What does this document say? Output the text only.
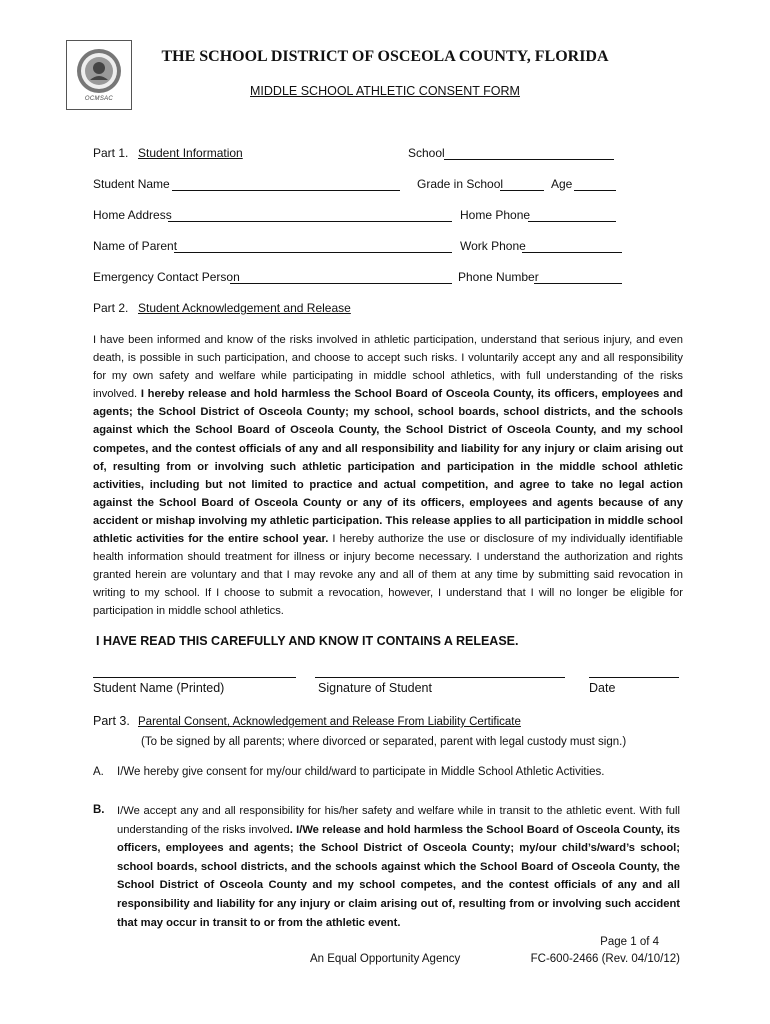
OCMSAC
THE SCHOOL DISTRICT OF OSCEOLA COUNTY, FLORIDA
MIDDLE SCHOOL ATHLETIC CONSENT FORM
Part 1. Student Information	School
Student Name	Grade in School	Age
Home Address	Home Phone
Name of Parent	Work Phone
Emergency Contact Person	Phone Number
Part 2. Student Acknowledgement and Release
I have been informed and know of the risks involved in athletic participation, understand that serious injury, and even death, is possible in such participation, and choose to accept such risks. I voluntarily accept any and all responsibility for my own safety and welfare while participating in middle school athletics, with full understanding of the risks involved. I hereby release and hold harmless the School Board of Osceola County, its officers, employees and agents; the School District of Osceola County; my school, school boards, school districts, and the schools against which the School Board of Osceola County, the School District of Osceola County, and my school competes, and the contest officials of any and all responsibility and liability for any injury or claim arising out of, resulting from or involving such athletic participation and participation in the middle school athletic activities, including but not limited to practice and actual competition, and agree to take no legal action against the School Board of Osceola County or any of its officers, employees and agents because of any accident or mishap involving my athletic participation. This release applies to all participation in middle school athletic activities for the entire school year. I hereby authorize the use or disclosure of my individually identifiable health information should treatment for illness or injury become necessary. I understand the authorization and rights granted herein are voluntary and that I may revoke any and all of them at any time by submitting said revocation in writing to my school. If I choose to submit a revocation, however, I understand that I will no longer be eligible for participation in middle school athletics.
I HAVE READ THIS CAREFULLY AND KNOW IT CONTAINS A RELEASE.
Student Name (Printed)	Signature of Student	Date
Part 3. Parental Consent, Acknowledgement and Release From Liability Certificate
(To be signed by all parents; where divorced or separated, parent with legal custody must sign.)
A. I/We hereby give consent for my/our child/ward to participate in Middle School Athletic Activities.
B. I/We accept any and all responsibility for his/her safety and welfare while in transit to the athletic event. With full understanding of the risks involved. I/We release and hold harmless the School Board of Osceola County, its officers, employees and agents; the School District of Osceola County; my/our child’s/ward’s school; school boards, school districts, and the schools against which the School Board of Osceola County, the School District of Osceola County and my school competes, and the contest officials of any and all responsibility and liability for any injury or claim arising out of, resulting from or involving such accident that may occur in transit to or from the athletic event.
Page 1 of 4
An Equal Opportunity Agency	FC-600-2466 (Rev. 04/10/12)
